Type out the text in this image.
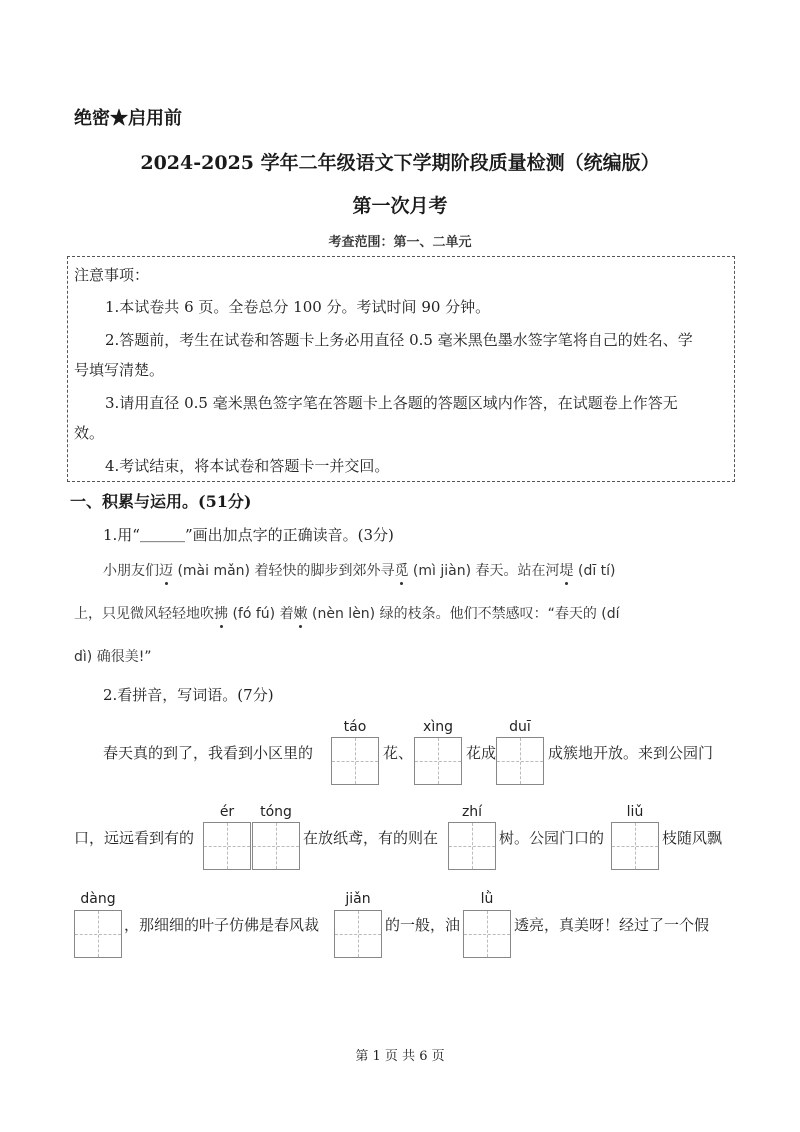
绝密★启用前
2024-2025 学年二年级语文下学期阶段质量检测（统编版）
第一次月考
考查范围：第一、二单元
注意事项：
1.本试卷共 6 页。全卷总分 100 分。考试时间 90 分钟。
2.答题前，考生在试卷和答题卡上务必用直径 0.5 毫米黑色墨水签字笔将自己的姓名、学
号填写清楚。
3.请用直径 0.5 毫米黑色签字笔在答题卡上各题的答题区域内作答，在试题卷上作答无
效。
4.考试结束，将本试卷和答题卡一并交回。
一、积累与运用。(51分)
1.用“＿＿＿”画出加点字的正确读音。(3分)
小朋友们迈 (mài mǎn) 着轻快的脚步到郊外寻觅 (mì jiàn) 春天。站在河堤 (dī tí)
上，只见微风轻轻地吹拂 (fó fú) 着嫩 (nèn lèn) 绿的枝条。他们不禁感叹：“春天的 (dí
dì) 确很美!”
2.看拼音，写词语。(7分)
春天真的到了，我看到小区里的
táo
花、
xìng
花成
duī
成簇地开放。来到公园门
口，远远看到有的
ér	tóng
在放纸鸢，有的则在
zhí
树。公园门口的
liǔ
枝随风飘
dàng
，那细细的叶子仿佛是春风裁
jiǎn
的一般，油
lǜ
透亮，真美呀！经过了一个假
第 1 页 共 6 页
